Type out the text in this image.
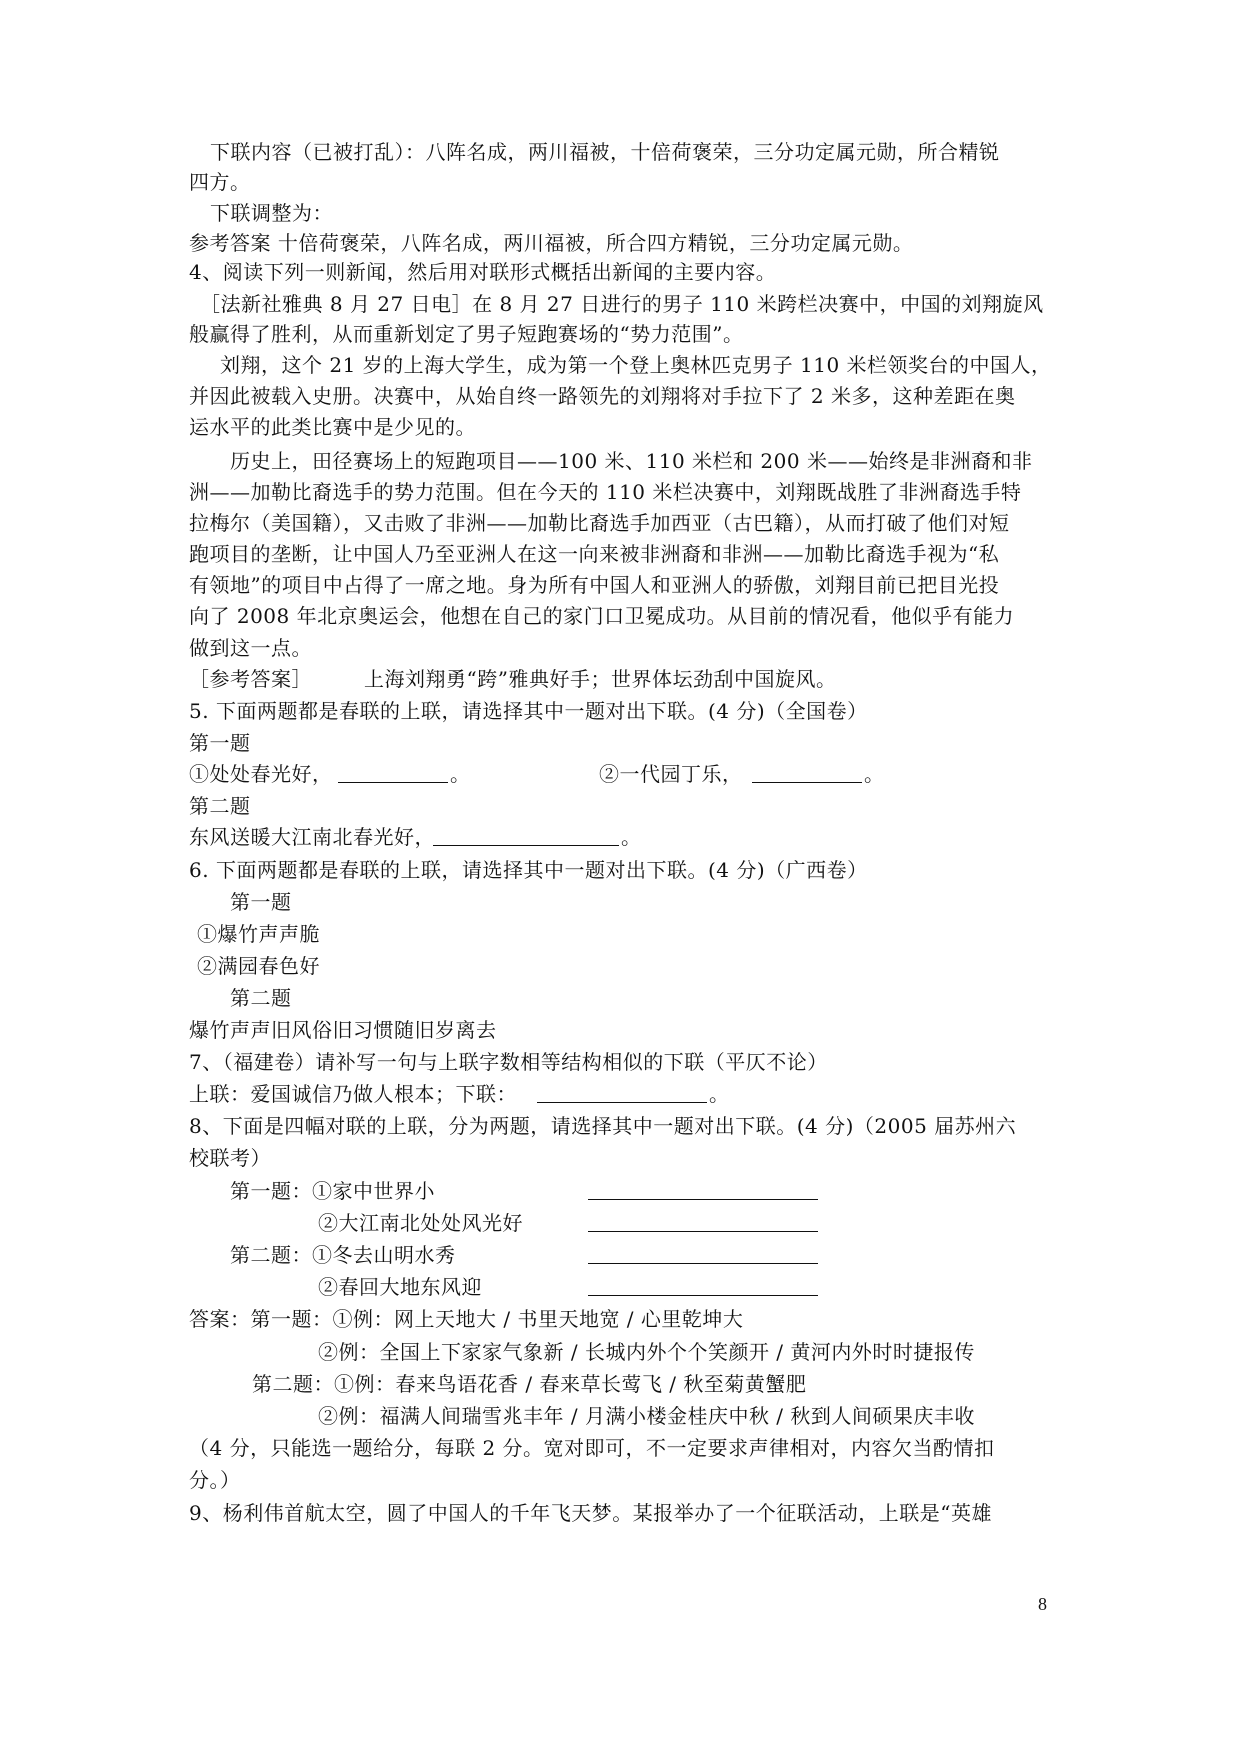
下联内容（已被打乱）：八阵名成，两川福被，十倍荷褒荣，三分功定属元勋，所合精锐
四方。
下联调整为：
参考答案 十倍荷褒荣，八阵名成，两川福被，所合四方精锐，三分功定属元勋。
4、阅读下列一则新闻，然后用对联形式概括出新闻的主要内容。
［法新社雅典 8 月 27 日电］在 8 月 27 日进行的男子 110 米跨栏决赛中，中国的刘翔旋风
般赢得了胜利，从而重新划定了男子短跑赛场的“势力范围”。
刘翔，这个 21 岁的上海大学生，成为第一个登上奥林匹克男子 110 米栏领奖台的中国人，
并因此被载入史册。决赛中，从始自终一路领先的刘翔将对手拉下了 2 米多，这种差距在奥
运水平的此类比赛中是少见的。
历史上，田径赛场上的短跑项目——100 米、110 米栏和 200 米——始终是非洲裔和非
洲——加勒比裔选手的势力范围。但在今天的 110 米栏决赛中，刘翔既战胜了非洲裔选手特
拉梅尔（美国籍），又击败了非洲——加勒比裔选手加西亚（古巴籍），从而打破了他们对短
跑项目的垄断，让中国人乃至亚洲人在这一向来被非洲裔和非洲——加勒比裔选手视为“私
有领地”的项目中占得了一席之地。身为所有中国人和亚洲人的骄傲，刘翔目前已把目光投
向了 2008 年北京奥运会，他想在自己的家门口卫冕成功。从目前的情况看，他似乎有能力
做到这一点。
［参考答案］	上海刘翔勇“跨”雅典好手；世界体坛劲刮中国旋风。
5. 下面两题都是春联的上联，请选择其中一题对出下联。(4 分)（全国卷）
第一题
①处处春光好，	。	②一代园丁乐，	。
第二题
东风送暖大江南北春光好，	。
6. 下面两题都是春联的上联，请选择其中一题对出下联。(4 分)（广西卷）
第一题
①爆竹声声脆
②满园春色好
第二题
爆竹声声旧风俗旧习惯随旧岁离去
7、（福建卷）请补写一句与上联字数相等结构相似的下联（平仄不论）
上联：爱国诚信乃做人根本；下联：	。
8、下面是四幅对联的上联，分为两题，请选择其中一题对出下联。(4 分)（2005 届苏州六
校联考）
第一题：①家中世界小
②大江南北处处风光好
第二题：①冬去山明水秀
②春回大地东风迎
答案：第一题：①例：网上天地大 / 书里天地宽 / 心里乾坤大
②例：全国上下家家气象新 / 长城内外个个笑颜开 / 黄河内外时时捷报传
第二题：①例：春来鸟语花香 / 春来草长莺飞 / 秋至菊黄蟹肥
②例：福满人间瑞雪兆丰年 / 月满小楼金桂庆中秋 / 秋到人间硕果庆丰收
（4 分，只能选一题给分，每联 2 分。宽对即可，不一定要求声律相对，内容欠当酌情扣
分。）
9、杨利伟首航太空，圆了中国人的千年飞天梦。某报举办了一个征联活动，上联是“英雄
8
